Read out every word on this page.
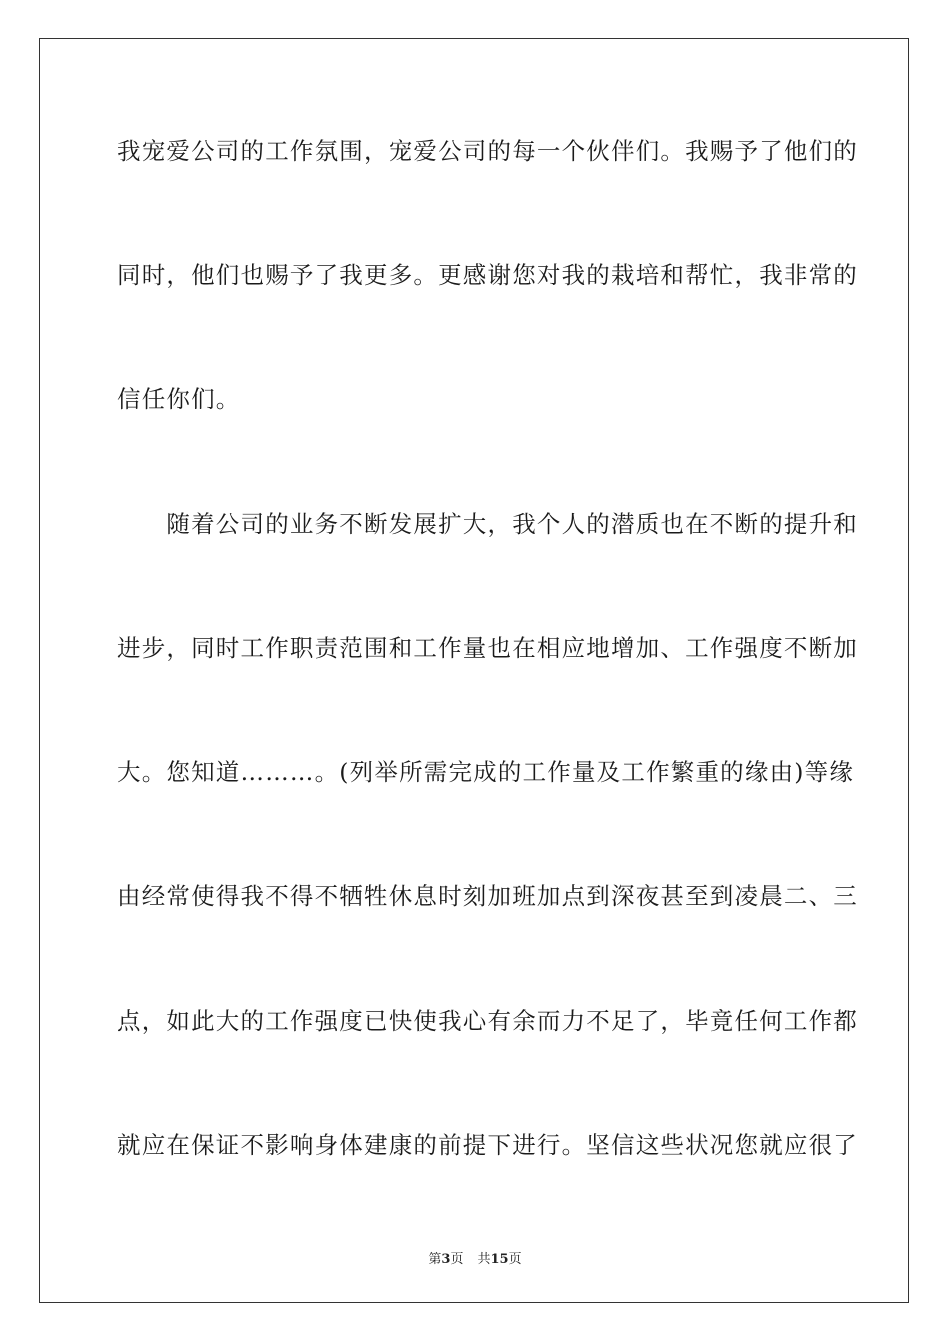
我宠爱公司的工作氛围，宠爱公司的每一个伙伴们。我赐予了他们的

同时，他们也赐予了我更多。更感谢您对我的栽培和帮忙，我非常的

信任你们。

　　随着公司的业务不断发展扩大，我个人的潜质也在不断的提升和

进步，同时工作职责范围和工作量也在相应地增加、工作强度不断加

大。您知道………。(列举所需完成的工作量及工作繁重的缘由)等缘

由经常使得我不得不牺牲休息时刻加班加点到深夜甚至到凌晨二、三

点，如此大的工作强度已快使我心有余而力不足了，毕竟任何工作都

就应在保证不影响身体建康的前提下进行。坚信这些状况您就应很了

第3页 共15页
